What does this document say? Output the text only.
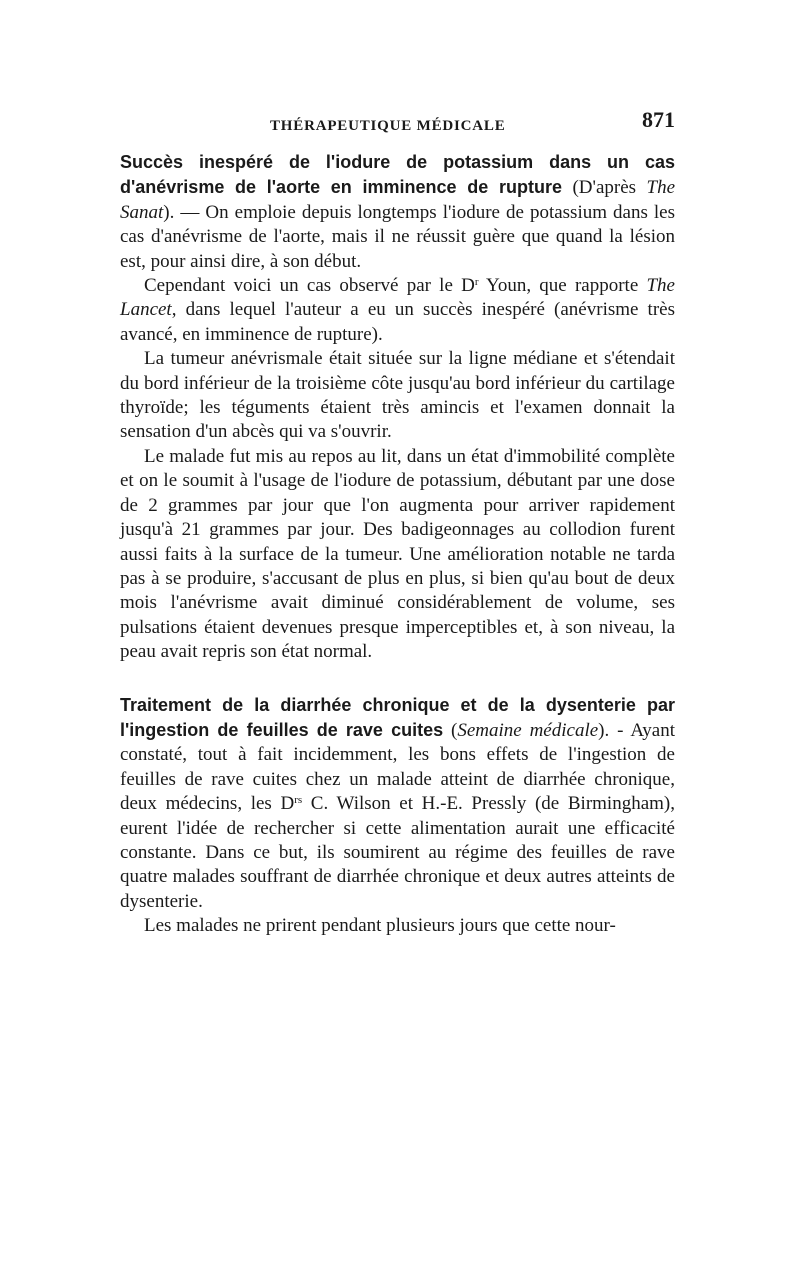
THÉRAPEUTIQUE MÉDICALE	871

Succès inespéré de l'iodure de potassium dans un cas d'anévrisme de l'aorte en imminence de rupture (D'après The Sanat). — On emploie depuis longtemps l'iodure de potassium dans les cas d'anévrisme de l'aorte, mais il ne réussit guère que quand la lésion est, pour ainsi dire, à son début.

Cependant voici un cas observé par le $D^r$ Youn, que rapporte The Lancet, dans lequel l'auteur a eu un succès inespéré (anévrisme très avancé, en imminence de rupture).

La tumeur anévrismale était située sur la ligne médiane et s'étendait du bord inférieur de la troisième côte jusqu'au bord inférieur du cartilage thyroïde; les téguments étaient très amincis et l'examen donnait la sensation d'un abcès qui va s'ouvrir.

Le malade fut mis au repos au lit, dans un état d'immobilité complète et on le soumit à l'usage de l'iodure de potassium, débutant par une dose de 2 grammes par jour que l'on augmenta pour arriver rapidement jusqu'à 21 grammes par jour. Des badigeonnages au collodion furent aussi faits à la surface de la tumeur. Une amélioration notable ne tarda pas à se produire, s'accusant de plus en plus, si bien qu'au bout de deux mois l'anévrisme avait diminué considérablement de volume, ses pulsations étaient devenues presque imperceptibles et, à son niveau, la peau avait repris son état normal.

Traitement de la diarrhée chronique et de la dysenterie par l'ingestion de feuilles de rave cuites (Semaine médicale). - Ayant constaté, tout à fait incidemment, les bons effets de l'ingestion de feuilles de rave cuites chez un malade atteint de diarrhée chronique, deux médecins, les $D^{rs}$ C. Wilson et H.-E. Pressly (de Birmingham), eurent l'idée de rechercher si cette alimentation aurait une efficacité constante. Dans ce but, ils soumirent au régime des feuilles de rave quatre malades souffrant de diarrhée chronique et deux autres atteints de dysenterie.

Les malades ne prirent pendant plusieurs jours que cette nour-
